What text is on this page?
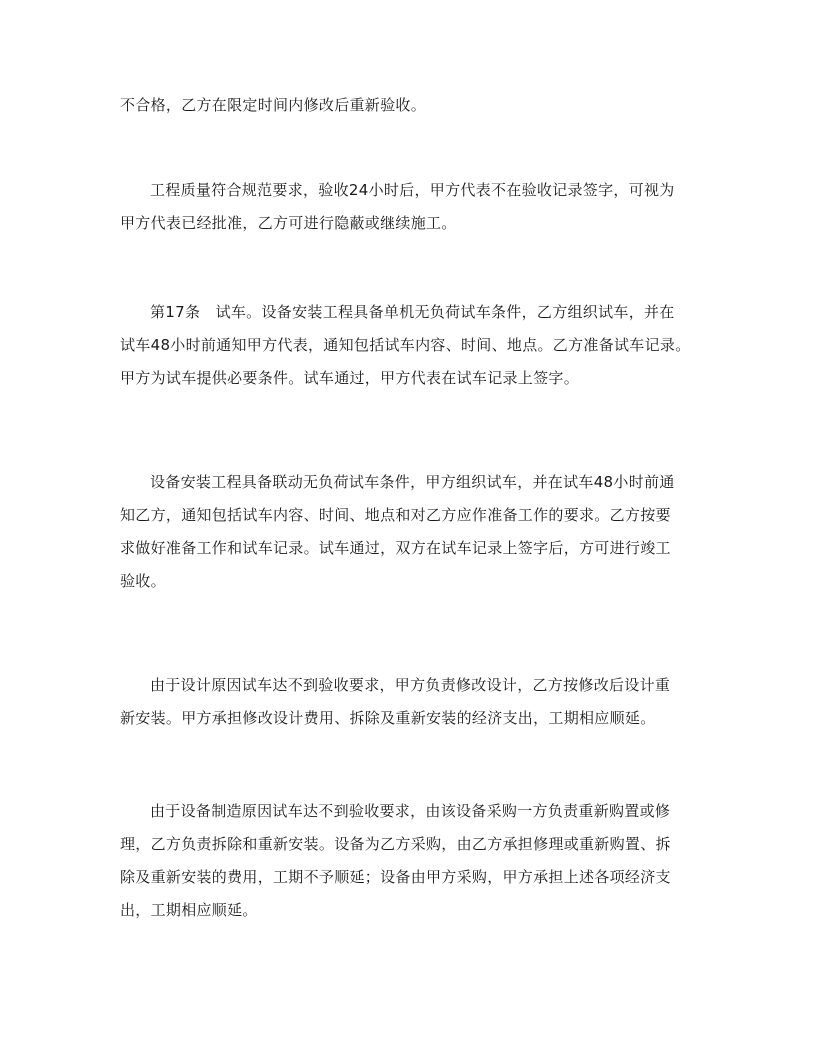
不合格，乙方在限定时间内修改后重新验收。

工程质量符合规范要求，验收24小时后，甲方代表不在验收记录签字，可视为
甲方代表已经批准，乙方可进行隐蔽或继续施工。

第17条　试车。设备安装工程具备单机无负荷试车条件，乙方组织试车，并在
试车48小时前通知甲方代表，通知包括试车内容、时间、地点。乙方准备试车记录。
甲方为试车提供必要条件。试车通过，甲方代表在试车记录上签字。

设备安装工程具备联动无负荷试车条件，甲方组织试车，并在试车48小时前通
知乙方，通知包括试车内容、时间、地点和对乙方应作准备工作的要求。乙方按要
求做好准备工作和试车记录。试车通过，双方在试车记录上签字后，方可进行竣工
验收。

由于设计原因试车达不到验收要求，甲方负责修改设计，乙方按修改后设计重
新安装。甲方承担修改设计费用、拆除及重新安装的经济支出，工期相应顺延。

由于设备制造原因试车达不到验收要求，由该设备采购一方负责重新购置或修
理，乙方负责拆除和重新安装。设备为乙方采购，由乙方承担修理或重新购置、拆
除及重新安装的费用，工期不予顺延；设备由甲方采购，甲方承担上述各项经济支
出，工期相应顺延。
